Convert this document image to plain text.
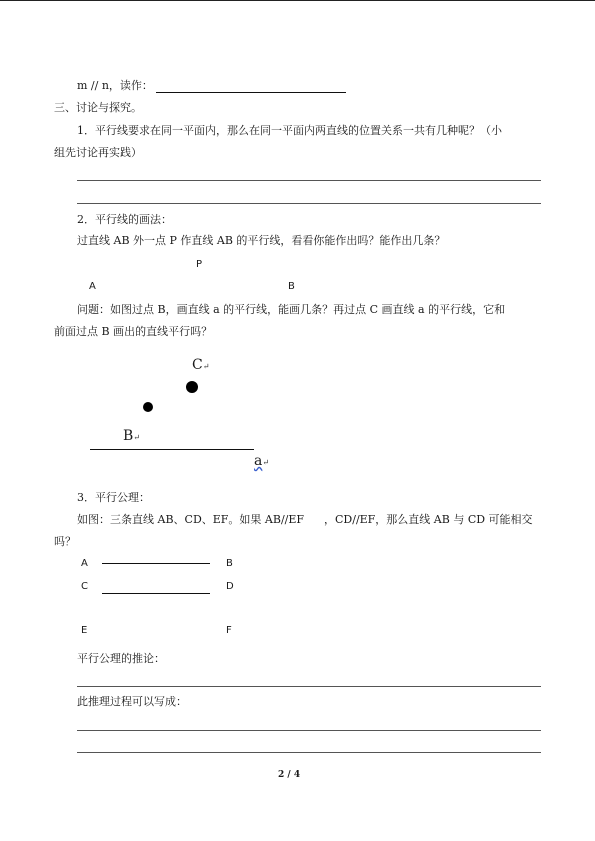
m // n，读作：
三、讨论与探究。
1．平行线要求在同一平面内，那么在同一平面内两直线的位置关系一共有几种呢？（小
组先讨论再实践）
2．平行线的画法：
过直线 AB 外一点 P 作直线 AB 的平行线，看看你能作出吗？能作出几条？
P
A	B
问题：如图过点 B，画直线 a 的平行线，能画几条？再过点 C 画直线 a 的平行线，它和
前面过点 B 画出的直线平行吗？
C↵
B↵
a↵
3．平行公理：
如图：三条直线 AB、CD、EF。如果 AB//EF ，CD//EF，那么直线 AB 与 CD 可能相交
吗？
A	B
C	D
E	F
平行公理的推论：
此推理过程可以写成：
2 / 4
